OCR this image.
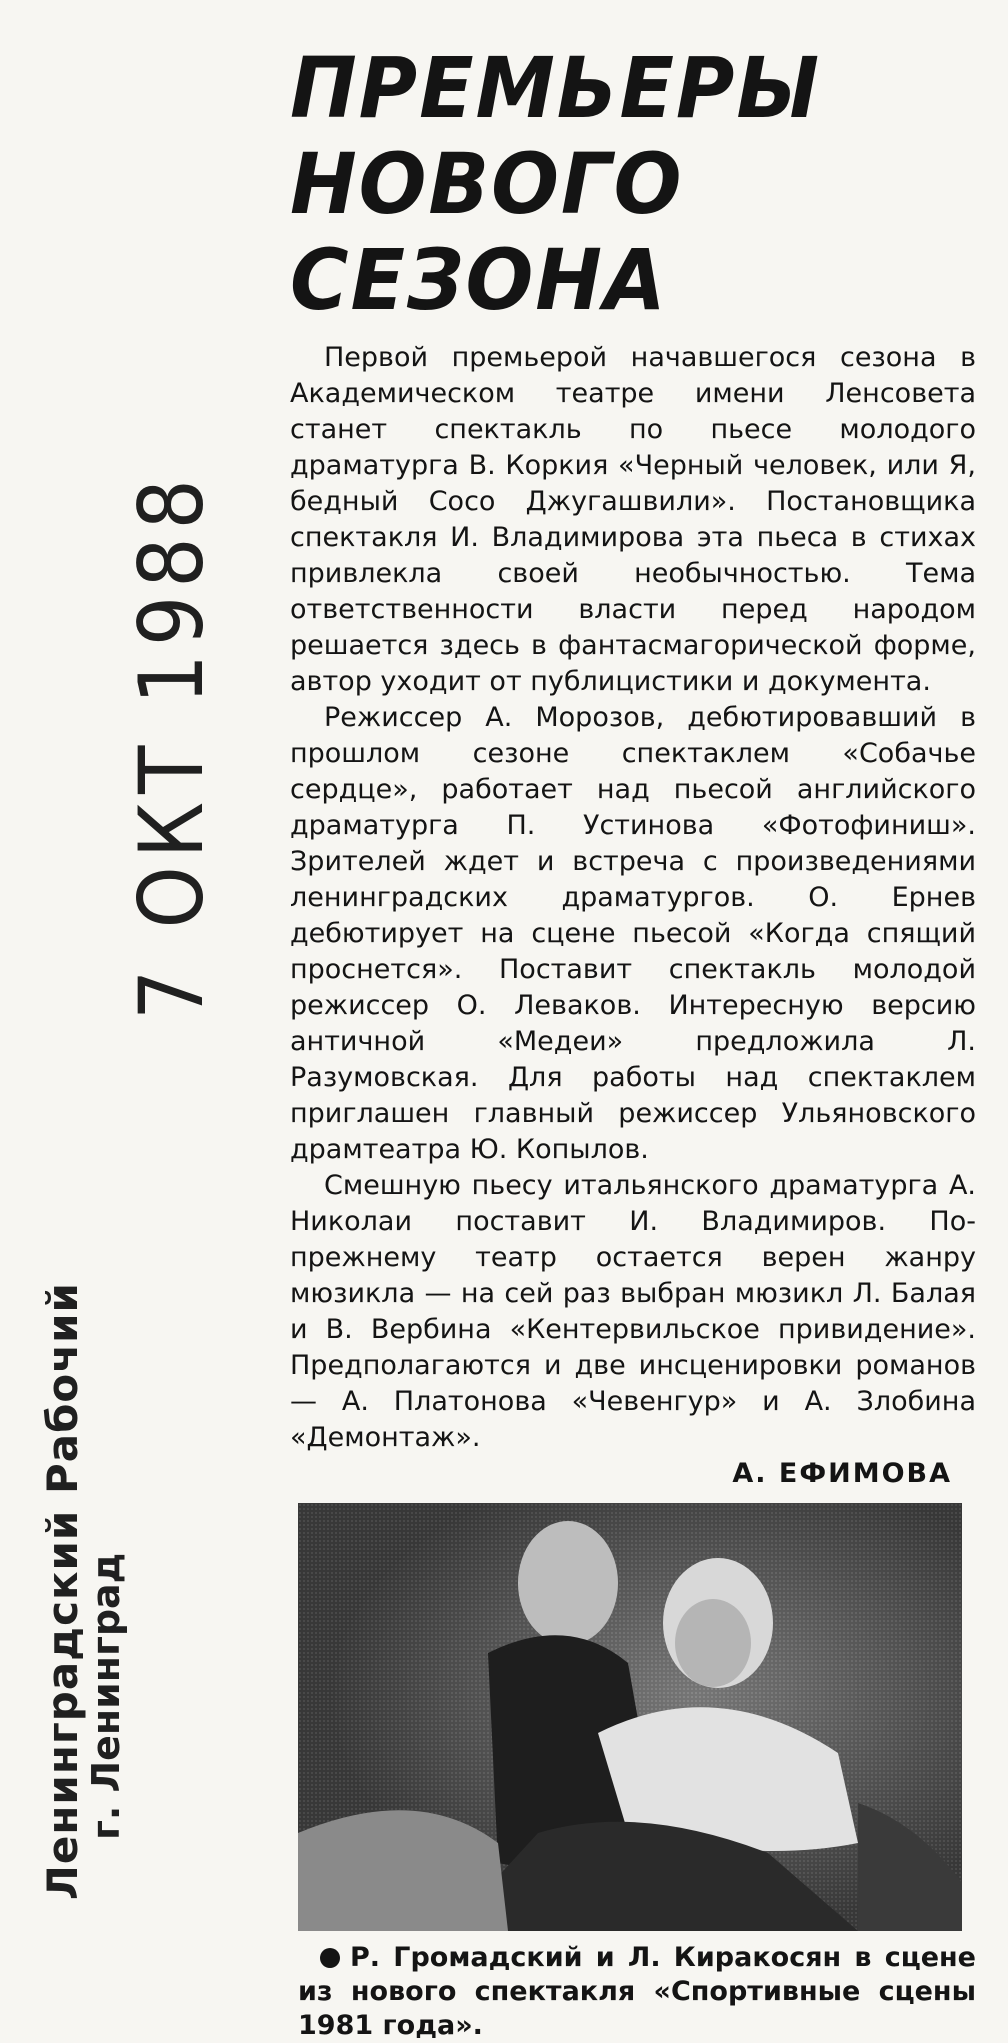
7 ОКТ 1988
Ленинградский Рабочий
г. Ленинград
ПРЕМЬЕРЫ
НОВОГО СЕЗОНА

Первой премьерой начавшегося сезона в Академическом театре имени Ленсовета станет спектакль по пьесе молодого драматурга В. Коркия «Черный человек, или Я, бедный Сосо Джугашвили». Постановщика спектакля И. Владимирова эта пьеса в стихах привлекла своей необычностью. Тема ответственности власти перед народом решается здесь в фантасмагорической форме, автор уходит от публицистики и документа.

Режиссер А. Морозов, дебютировавший в прошлом сезоне спектаклем «Собачье сердце», работает над пьесой английского драматурга П. Устинова «Фотофиниш». Зрителей ждет и встреча с произведениями ленинградских драматургов. О. Ернев дебютирует на сцене пьесой «Когда спящий проснется». Поставит спектакль молодой режиссер О. Леваков. Интересную версию античной «Медеи» предложила Л. Разумовская. Для работы над спектаклем приглашен главный режиссер Ульяновского драмтеатра Ю. Копылов.

Смешную пьесу итальянского драматурга А. Николаи поставит И. Владимиров. По-прежнему театр остается верен жанру мюзикла — на сей раз выбран мюзикл Л. Балая и В. Вербина «Кентервильское привидение». Предполагаются и две инсценировки романов — А. Платонова «Чевенгур» и А. Злобина «Демонтаж».

А. ЕФИМОВА
Р. Громадский и Л. Киракосян в сцене из нового спектакля «Спортивные сцены 1981 года».
